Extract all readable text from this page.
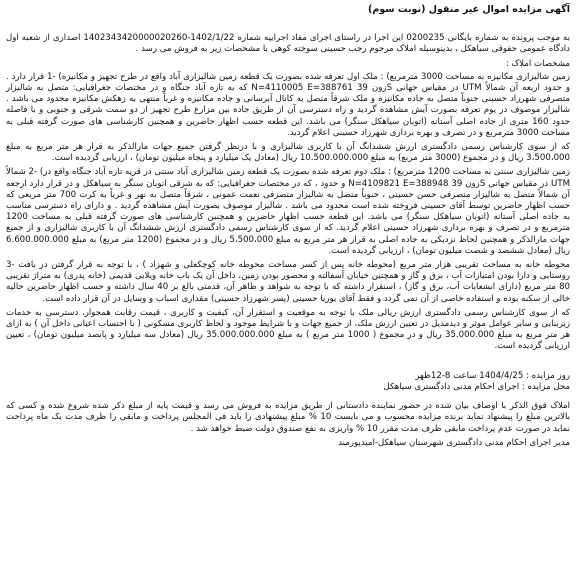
آگهی مزایده اموال غیر منقول (نوبت سوم)

به موجب پرونده به شماره بایگانی 0200235 این اجرا در راستای اجرای مفاد اجراییه شماره 1402/1/22-1402343420000020260 اصداری از شعبه اول دادگاه عمومی حقوقی سیاهکل ، بدینوسیله املاک مرحوم رجب حسینی سوخته کوهی با مشخصات زیر به فروش می رسد .

مشخصات املاک :

زمین شالیزاری مکانیزه به مساحت 3000 مترمربع) : ملک اول تعرفه شده بصورت یک قطعه زمین شالیزاری آباد واقع در طرح تجهیز و مکانیزه) -1 قرار دارد . و حدود اربعه آن شمالاً UTM در مقیاس جهانی Sزون 39 N=4110005 E=388761 که به تازه آباد جنگاه و در مختصات جغرافیایی: متصل به شالیزار متصرفی شهرزاد حسینی جنوباً متصل به جاده مکانیزه و ملک شرقاً متصل به کانال آبرسانی و جاده مکانیزه و غرباً منتهی به زهکش مکانیزه محدود می باشد . شالیزار موصوف در یوم تعرفه بصورت آیش مشاهده گردید و راه دسترسی آن از طریق جاده بین مزارع طرح تجهیز از دو سمت شرقی و جنوبی و با فاصله حدود 160 متری از جاده اصلی آستانه (اتوبان سیاهکل سنگر) می باشد. این قطعه حسب اظهار حاضرین و همچنین کارشناسی های صورت گرفته قبلی به مساحت 3000 مترمربع و در تصرف و بهره برداری شهرزاد حسینی اعلام گردید.

که از سوی کارشناس رسمی دادگستری ارزش ششدانگ آن با کاربری شالیزاری و با درنظر گرفتن جمیع جهات مارالذکر به قرار هر متر مربع به مبلغ 3،500،000 ریال و در مجموع (3000 متر مربع) به مبلغ 10.500.000.000 ریال (معادل یک میلیارد و پنجاه میلیون تومان) ، ارزیابی گردیده است.

زمین شالیزاری سنتی به مساحت 1200 مترمربع) : ملک دوم تعرفه شده بصورت یک قطعه زمین شالیزاری آباد سنتی در قریه تازه آباد جنگاه واقع در) -2 شمالاً UTM در مقیاس جهانی Sزون 39 N=4109821 E=388948 و حدود ، که در مختصات جغرافیایی: که به شرقی اتوبان سنگر به سیاهکل و در قرار دارد ارجعه آن شمالاً متصل به شالیزار متصرفی حسن حسینی ، جنوباً متصل به شالیزار متصرفی نعمت عمونی ، شرقاً متصل به نهر و غرباً به کرت 700 متر مربعی که حسب اظهار حاضرین توسط آقای حسینی فروخته شده است محدود می باشد . شالیزار موصوف بصورت آیش مشاهده گردید . و دارای راه دسترسی مناسب به جاده اصلی آستانه (اتوبان سیاهکل سنگر) می باشد. این قطعه حسب اظهار حاضرین و همچنین کارشناسی های صورت گرفته قبلی به مساحت 1200 مترمربع و در تصرف و بهره برداری شهرزاد حسینی اعلام گردید. که از سوی کارشناس رسمی دادگستری ارزش ششدانگ آن با کاربری شالیزاری و از جمیع جهات مارالذکر و همچنین لحاظ نزدیکی به جاده اصلی به قرار هر متر مربع به مبلغ 5،500،000 ریال و در مجموع (1200 متر مربع) به مبلغ 6.600.000.000 ریال (معادل ششصد و شصت میلیون تومان) ، ارزیابی گردیده است.

محوطه خانه به مساحت تقریبی هزار متر مربع (محوطه خانه پس از کسر مساحت محوطه خانه کوچکعلی و شهزاد ) ، با توجه به قرار گرفتن در بافت -3 روستایی و دارا بودن امتیازات آب ، برق و گاز و همچنین خیابان آسفالته و محصور بودن زمین، داخل آن یک باب خانه ویلایی قدیمی (خانه پدری) به متراژ تقریبی 80 متر مربع (دارای انشعابات آب، برق و گاز) ، استقرار داشته که با توجه به شواهد و ظاهر آن، قدمتی بالغ بر 40 سال داشته و حسب اظهار حاضرین حالیه خالی از سکنه بوده و استفاده خاصی از آن نمی گردد و فقط آقای یوریا حسینی (پسر شهرزاد حسینی) مقداری اسباب و وسایل در آن قرار داده است.

که از سوی کارشناس رسمی دادگستری ارزش ریالی ملک با توجه به موقعیت و استقرار آن، کیفیت و کاربری ، قیمت رقابت همجوار، دسترسی به خدمات زیربنایی و سایر عوامل موثر و دیدمذیل در تعیین ارزش ملک، از جمیع جهات و با شرایط موجود و لحاظ کاربری مسکونی ( با احتساب اعیانی داخل آن ) به ازای هر متر مربع به مبلغ 35.000.000 ریال و در مجموع ( 1000 متر مربع ) به مبلغ 35.000.000.000 ریال (معادل سه میلیارد و پانصد میلیون تومان) ، تعیین ارزیابی گردیده است.

روز مزایده : 1404/4/25 ساعت 8-12ظهر

محل مزایده : اجرای احکام مدنی دادگستری سیاهکل

املاک فوق الذکر با اوصاف بیان شده در حضور نماینده دادستانی از طریق مزایده به فروش می رسد و قیمت پایه از مبلغ ذکر شده شروع شده و کسی که بالاترین مبلغ را پیشنهاد نماید برنده مزایده محسوب و می بایست 10 % مبلغ پیشنهادی را باید فی المجلس پرداخت و مابقی را ظرف مدت یک ماه پرداخت نماید در صورت عدم پرداخت مابقی ظرف مدت مقرر 10 % واریزی به نفع صندوق دولت ضبط خواهد شد .

مدیر اجرای احکام مدنی دادگستری شهرستان سیاهکل-امیدپورمند
